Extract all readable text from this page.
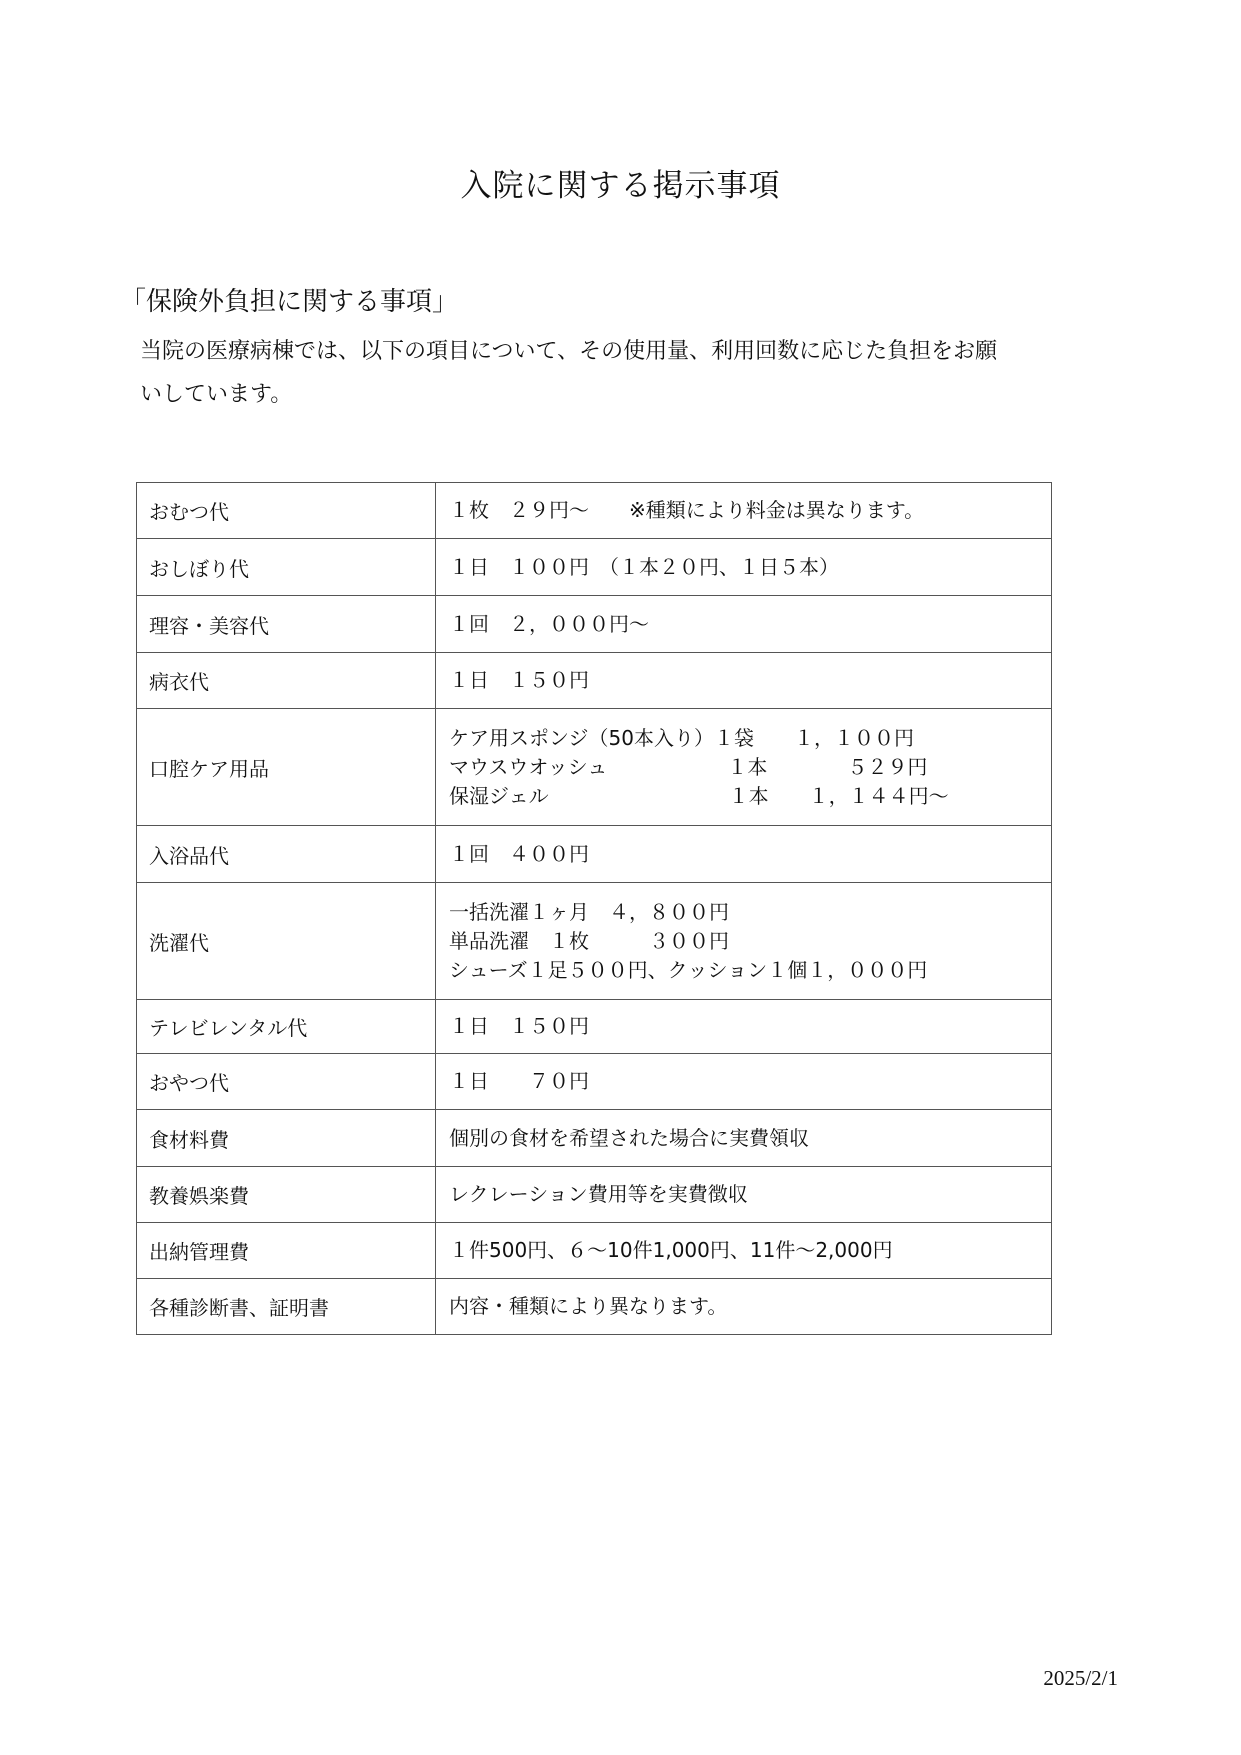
入院に関する掲示事項
「保険外負担に関する事項」
当院の医療病棟では、以下の項目について、その使用量、利用回数に応じた負担をお願
いしています。
おむつ代	１枚　２９円～　　※種類により料金は異なります。

おしぼり代	１日　１００円　（１本２０円、１日５本）

理容・美容代	１回　２，０００円～

病衣代	１日　１５０円

口腔ケア用品	ケア用スポンジ（50本入り）１袋　　１，１００円
マウスウオッシュ　　　　　　１本　　　　５２９円
保湿ジェル　　　　　　　　　１本　　１，１４４円～

入浴品代	１回　４００円

洗濯代	一括洗濯１ヶ月　４，８００円
単品洗濯　１枚　　　３００円
シューズ１足５００円、クッション１個１，０００円

テレビレンタル代	１日　１５０円

おやつ代	１日　　７０円

食材料費	個別の食材を希望された場合に実費領収

教養娯楽費	レクレーション費用等を実費徴収

出納管理費	１件500円、６～10件1,000円、11件～2,000円

各種診断書、証明書	内容・種類により異なります。
2025/2/1
